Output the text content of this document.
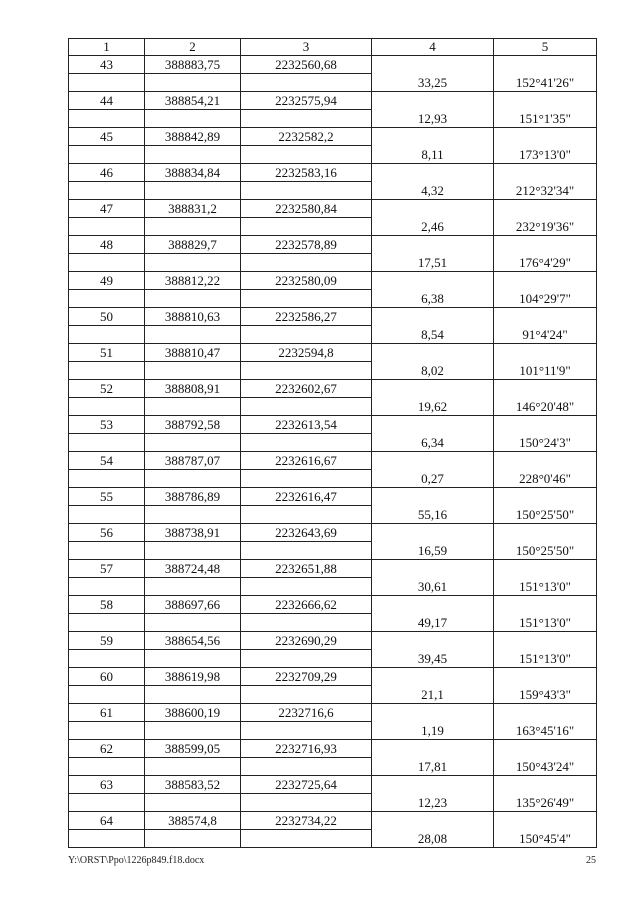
1	2	3	4	5
43	388883,75	2232560,68		
			33,25	152°41'26"
44	388854,21	2232575,94		
			12,93	151°1'35"
45	388842,89	2232582,2		
			8,11	173°13'0"
46	388834,84	2232583,16		
			4,32	212°32'34"
47	388831,2	2232580,84		
			2,46	232°19'36"
48	388829,7	2232578,89		
			17,51	176°4'29"
49	388812,22	2232580,09		
			6,38	104°29'7"
50	388810,63	2232586,27		
			8,54	91°4'24"
51	388810,47	2232594,8		
			8,02	101°11'9"
52	388808,91	2232602,67		
			19,62	146°20'48"
53	388792,58	2232613,54		
			6,34	150°24'3"
54	388787,07	2232616,67		
			0,27	228°0'46"
55	388786,89	2232616,47		
			55,16	150°25'50"
56	388738,91	2232643,69		
			16,59	150°25'50"
57	388724,48	2232651,88		
			30,61	151°13'0"
58	388697,66	2232666,62		
			49,17	151°13'0"
59	388654,56	2232690,29		
			39,45	151°13'0"
60	388619,98	2232709,29		
			21,1	159°43'3"
61	388600,19	2232716,6		
			1,19	163°45'16"
62	388599,05	2232716,93		
			17,81	150°43'24"
63	388583,52	2232725,64		
			12,23	135°26'49"
64	388574,8	2232734,22		
			28,08	150°45'4"
Y:\ORST\Ppo\1226p849.f18.docx	25
